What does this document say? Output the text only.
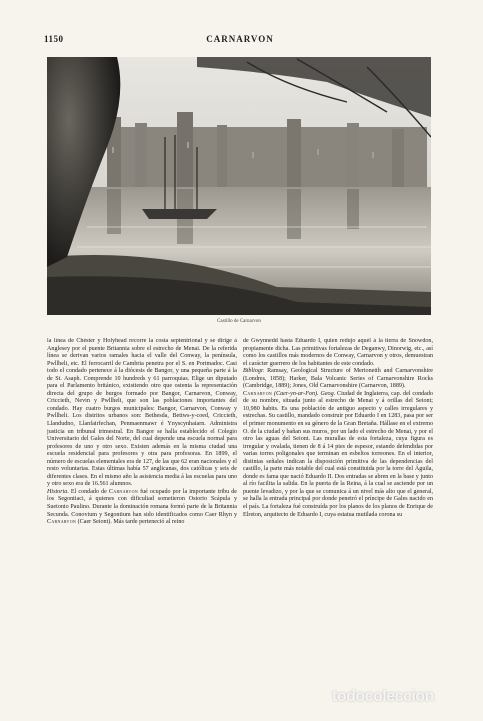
1150	CARNARVON
Castillo de Carnarvon

la línea de Chéster y Holyhead recorre la costa septentrional y se dirige á Anglesey por el puente Britannia sobre el estrecho de Menai. De la referida línea se derivan varios ramales hacia el valle del Conway, la península, Pwllheli, etc. El ferrocarril de Cambria penetra por el S. en Portmadoc. Casi todo el condado pertenece á la diócesis de Bangor, y una pequeña parte á la de St. Asaph. Comprende 10 hundreds y 61 parroquias. Elige un diputado para el Parlamento británico, existiendo otro que ostenta la representación directa del grupo de burgos formado por Bangor, Carnarvon, Conway, Criccieth, Nevin y Pwllheli, que son las poblaciones importantes del condado. Hay cuatro burgos municipales: Bangor, Carnarvon, Conway y Pwllheli. Los distritos urbanos son: Bethesda, Bettws-y-coed, Criccieth, Llandudno, Llanfairfechan, Penmaenmawr é Ynyscynhaiarn. Administra justicia un tribunal trimestral. En Bangor se halla establecido el Colegio Universitario del Gales del Norte, del cual depende una escuela normal para profesores de uno y otro sexo. Existen además en la misma ciudad una escuela residencial para profesores y otra para profesoras. En 1899, el número de escuelas elementales era de 127, de las que 62 eran nacionales y el resto voluntarias. Estas últimas había 57 anglicanas, dos católicas y seis de diferentes clases. En el mismo año la asistencia media á las escuelas para uno y otro sexo era de 16.561 alumnos.

Historia. El condado de Carnarvon fué ocupado por la importante tribu de los Segontiaci, á quienes con dificultad sometieron Ostorio Scápula y Suetonio Paulino. Durante la dominación romana formó parte de la Britannia Secunda. Conovium y Segontium han sido identificados como Caer Rhyn y Carnarvon (Caer Seiont). Más tarde perteneció al reino

de Gwynnedd hasta Eduardo I, quien redujo aquél á la tierra de Snowdon, propiamente dicha. Las primitivas fortalezas de Deganwy, Dinorwig, etc., así como los castillos más modernos de Conway, Carnarvon y otros, demuestran el carácter guerrero de los habitantes de este condado.

Bibliogr. Ramsay, Geological Structure of Merionetth and Carnarvonshire (Londres, 1858); Harker, Bala Volcanic Series of Carnarvonshire Rocks (Cambridge, 1889); Jones, Old Carnarvonshire (Carnarvon, 1889).

Carnarvon (Caer-yn-ar-Fon). Geog. Ciudad de Inglaterra, cap. del condado de su nombre, situada junto al estrecho de Menai y á orillas del Seiont; 10,980 habits. Es una población de antiguo aspecto y calles irregulares y estrechas. Su castillo, mandado construir por Eduardo I en 1283, pasa por ser el primer monumento en su género de la Gran Bretaña. Hállase en el extremo O. de la ciudad y bañan sus muros, por un lado el estrecho de Menai, y por el otro las aguas del Seiont. Las murallas de esta fortaleza, cuya figura es irregular y ovalada, tienen de 8 á 14 pies de espesor, estando defendidas por varias torres poligonales que terminan en esbeltos torreones. En el interior, distintas señales indican la disposición primitiva de las dependencias del castillo, la parte más notable del cual está constituida por la torre del Águila, donde es fama que nació Eduardo II. Dos entradas se abren en la base y junto al río facilita la salida. En la puerta de la Reina, á la cual se asciende por un puente levadizo, y por la que se comunica á un nivel más alto que el general, se halla la entrada principal por donde penetró el príncipe de Gales nacido en el país. La fortaleza fué construída por los planos de los planos de Enrique de Elreton, arquitecto de Eduardo I, cuya estatua mutilada corona su

todocoleccion
